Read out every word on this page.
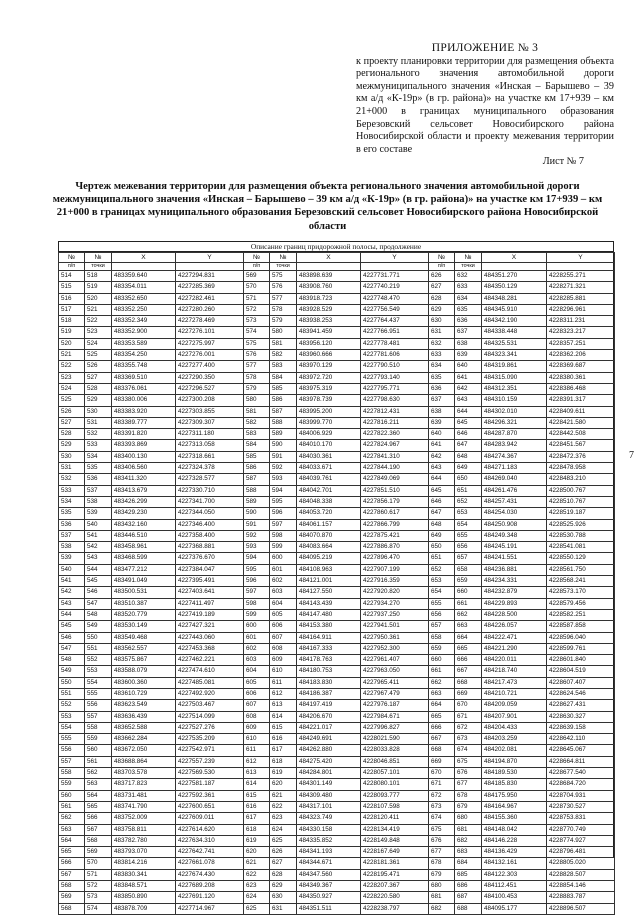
ПРИЛОЖЕНИЕ № 3
к проекту планировки территории для размещения объекта регионального значения автомобильной дороги межмуниципального значения «Инская – Барышево – 39 км а/д «К-19р» (в гр. района)» на участке км 17+939 – км 21+000 в границах муниципального образования Березовский сельсовет Новосибирского района Новосибирской области и проекту межевания территории в его составе
Лист № 7
7
Чертеж межевания территории для размещения объекта регионального значения автомобильной дороги межмуниципального значения «Инская – Барышево – 39 км а/д «К-19р» (в гр. района)» на участке км 17+939 – км 21+000 в границах муниципального образования Березовский сельсовет Новосибирского района Новосибирской области
Описание границ придорожной полосы, продолжение
№	№	X	Y
п/п	точки		
514	518	483359.640	4227294.831
515	519	483354.011	4227285.369
516	520	483352.650	4227282.461
517	521	483352.250	4227280.260
518	522	483352.349	4227278.469
519	523	483352.900	4227276.101
520	524	483353.589	4227275.997
521	525	483354.250	4227276.001
522	526	483355.748	4227277.400
523	527	483369.510	4227290.350
524	528	483376.061	4227296.527
525	529	483380.006	4227300.208
526	530	483383.920	4227303.855
527	531	483389.777	4227309.307
528	532	483391.820	4227311.180
529	533	483393.869	4227313.058
530	534	483400.130	4227318.661
531	535	483406.560	4227324.378
532	536	483411.320	4227328.577
533	537	483413.679	4227330.710
534	538	483426.299	4227341.700
535	539	483429.230	4227344.050
536	540	483432.160	4227346.400
537	541	483446.510	4227358.400
538	542	483458.961	4227368.881
539	543	483468.599	4227376.670
540	544	483477.212	4227384.047
541	545	483491.049	4227395.491
542	546	483500.531	4227403.641
543	547	483510.387	4227411.497
544	548	483520.779	4227419.189
545	549	483530.149	4227427.321
546	550	483549.468	4227443.060
547	551	483562.557	4227453.368
548	552	483575.867	4227462.221
549	553	483588.079	4227474.610
550	554	483600.360	4227485.081
551	555	483610.729	4227492.920
552	556	483623.549	4227503.467
553	557	483636.439	4227514.099
554	558	483652.588	4227527.276
555	559	483662.284	4227535.209
556	560	483672.050	4227542.971
557	561	483688.864	4227557.239
558	562	483703.578	4227569.530
559	563	483717.823	4227581.187
560	564	483731.481	4227592.361
561	565	483741.790	4227600.651
562	566	483752.009	4227609.011
563	567	483758.811	4227614.620
564	568	483782.780	4227634.310
565	569	483793.070	4227642.741
566	570	483814.216	4227661.078
567	571	483830.341	4227674.430
568	572	483848.571	4227689.208
569	573	483850.890	4227691.120
568	574	483878.709	4227714.967
№	№	X	Y
п/п	точки		
569	575	483898.639	4227731.771
570	576	483908.760	4227740.219
571	577	483918.723	4227748.470
572	578	483928.529	4227756.549
573	579	483938.253	4227764.437
574	580	483941.459	4227766.951
575	581	483956.120	4227778.481
576	582	483960.666	4227781.606
577	583	483970.129	4227790.510
578	584	483972.720	4227793.140
579	585	483975.319	4227795.771
580	586	483978.739	4227798.630
581	587	483995.200	4227812.431
582	588	483999.770	4227816.211
583	589	484006.929	4227822.360
584	590	484010.170	4227824.967
585	591	484030.361	4227841.310
586	592	484033.671	4227844.190
587	593	484039.761	4227849.069
588	594	484042.701	4227851.510
589	595	484048.338	4227856.179
590	596	484053.720	4227860.617
591	597	484061.157	4227866.799
592	598	484070.870	4227875.421
593	599	484083.664	4227886.870
594	600	484095.219	4227896.470
595	601	484108.963	4227907.199
596	602	484121.001	4227916.359
597	603	484127.550	4227920.820
598	604	484143.439	4227934.270
599	605	484147.480	4227937.250
600	606	484153.380	4227941.501
601	607	484164.911	4227950.361
602	608	484167.333	4227952.300
603	609	484178.763	4227961.407
604	610	484180.753	4227963.050
605	611	484183.830	4227965.411
606	612	484186.387	4227967.479
607	613	484197.419	4227976.187
608	614	484206.670	4227984.671
609	615	484221.017	4227996.827
610	616	484249.691	4228021.590
611	617	484262.880	4228033.828
612	618	484275.420	4228046.851
613	619	484284.801	4228057.101
614	620	484301.149	4228080.101
615	621	484309.480	4228093.777
616	622	484317.101	4228107.598
617	623	484323.749	4228120.411
618	624	484330.158	4228134.419
619	625	484335.852	4228149.848
620	626	484341.193	4228167.649
621	627	484344.671	4228181.361
622	628	484347.560	4228195.471
623	629	484349.367	4228207.367
624	630	484350.927	4228220.580
625	631	484351.511	4228238.797
№	№	X	Y
п/п	точки		
626	632	484351.270	4228255.271
627	633	484350.129	4228271.321
628	634	484348.281	4228285.881
629	635	484345.910	4228296.961
630	636	484342.190	4228311.231
631	637	484338.448	4228323.217
632	638	484325.531	4228357.251
633	639	484323.341	4228362.206
634	640	484319.861	4228369.687
635	641	484315.090	4228380.361
636	642	484312.351	4228386.468
637	643	484310.159	4228391.317
638	644	484302.010	4228409.611
639	645	484296.321	4228421.580
640	646	484287.870	4228442.508
641	647	484283.942	4228451.567
642	648	484274.367	4228472.376
643	649	484271.183	4228478.958
644	650	484269.040	4228483.210
645	651	484261.476	4228500.767
646	652	484257.431	4228510.767
647	653	484254.030	4228519.187
648	654	484250.908	4228525.926
649	655	484249.348	4228530.788
650	656	484245.191	4228541.081
651	657	484241.551	4228550.129
652	658	484236.881	4228561.750
653	659	484234.331	4228568.241
654	660	484232.879	4228573.170
655	661	484229.893	4228579.456
656	662	484228.500	4228582.251
657	663	484226.057	4228587.858
658	664	484222.471	4228596.040
659	665	484221.290	4228599.761
660	666	484220.011	4228601.840
661	667	484218.740	4228604.519
662	668	484217.473	4228607.407
663	669	484210.721	4228624.546
664	670	484209.059	4228627.431
665	671	484207.901	4228630.327
666	672	484204.433	4228639.158
667	673	484203.259	4228642.110
668	674	484202.081	4228645.067
669	675	484194.870	4228664.811
670	676	484189.530	4228677.540
671	677	484185.830	4228684.720
672	678	484175.950	4228704.931
673	679	484164.967	4228730.527
674	680	484155.360	4228753.831
675	681	484148.042	4228770.749
676	682	484146.228	4228774.927
677	683	484136.429	4228796.481
678	684	484132.161	4228805.020
679	685	484122.303	4228828.507
680	686	484112.451	4228854.146
681	687	484100.453	4228883.787
682	688	484095.177	4228896.507
